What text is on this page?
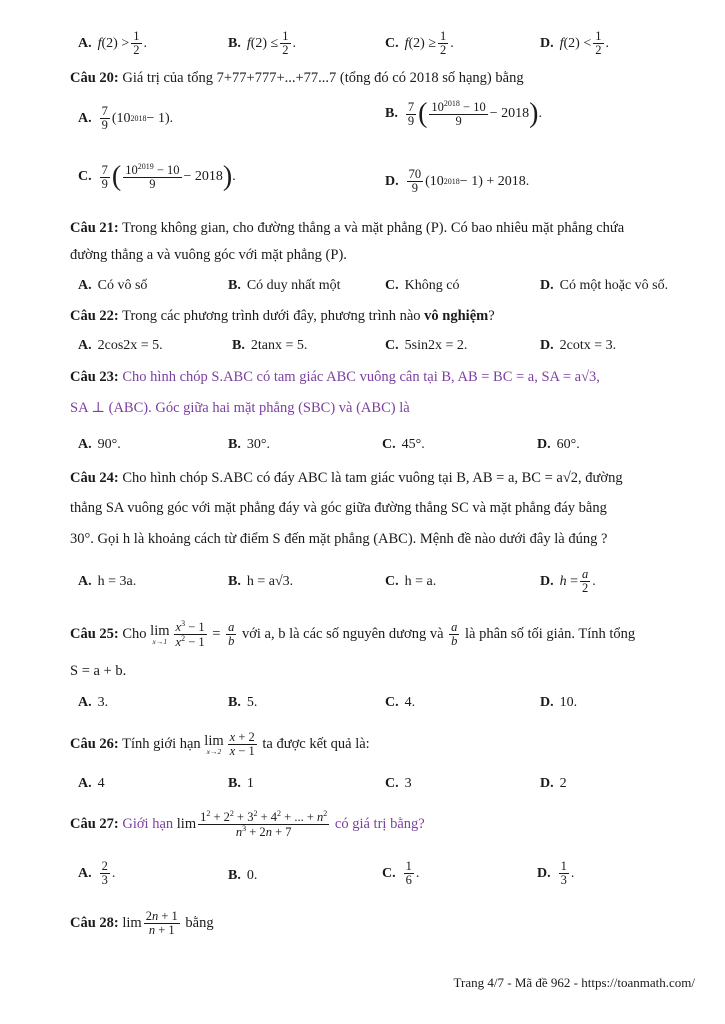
A. f $(2) > \frac{1}{2}$ .	B. f $(2) \le \frac{1}{2}$ .	C. f $(2) \ge \frac{1}{2}$ .	D. f $(2) < \frac{1}{2}$ .
Câu 20: Giá trị của tổng 7+77+777+...+77...7 (tổng đó có 2018 số hạng) bằng
A. $\frac{7}{9} (10$ 2018 − 1).	B. $\frac{7}{9}$ ( $\frac{10^{2018} - 10}{9} - 2018$ ) .
C. $\frac{7}{9}$ ( $\frac{10^{2019} - 10}{9} - 2018$ ) .	D. $\frac{70}{9} (10$ 2018 − 1) + 2018.
Câu 21: Trong không gian, cho đường thẳng a và mặt phẳng (P). Có bao nhiêu mặt phẳng chứa
đường thẳng a và vuông góc với mặt phẳng (P).
A. Có vô số	B. Có duy nhất một	C. Không có	D. Có một hoặc vô số.
Câu 22: Trong các phương trình dưới đây, phương trình nào vô nghiệm?
A. 2cos2x = 5.	B. 2tanx = 5.	C. 5sin2x = 2.	D. 2cotx = 3.
Câu 23: Cho hình chóp S.ABC có tam giác ABC vuông cân tại B, AB = BC = a, SA = a√3,
SA ⊥ (ABC). Góc giữa hai mặt phẳng (SBC) và (ABC) là
A. 90°.	B. 30°.	C. 45°.	D. 60°.
Câu 24: Cho hình chóp S.ABC có đáy ABC là tam giác vuông tại B, AB = a, BC = a√2, đường
thẳng SA vuông góc với mặt phẳng đáy và góc giữa đường thẳng SC và mặt phẳng đáy bằng
30°. Gọi h là khoảng cách từ điểm S đến mặt phẳng (ABC). Mệnh đề nào dưới đây là đúng ?
A. h = 3a.	B. h = a√3.	C. h = a.	D. $h = \frac{a}{2}$ .
Câu 25: Cho lim
$x\to 1 \frac{x^3 - 1}{x^2 - 1} = \frac{a}{b}$ với a, b là các số nguyên dương và $\frac{a}{b}$ là phân số tối giản. Tính tổng
S = a + b.
A. 3.	B. 5.	C. 4.	D. 10.
Câu 26: Tính giới hạn lim
$x\to 2 \frac{x + 2}{x - 1}$ ta được kết quả là:
A. 4	B. 1	C. 3	D. 2
Câu 27: Giới hạn $\lim \frac{1^2 + 2^2 + 3^2 + 4^2 + ... + n^2}{n^3 + 2n + 7}$ có giá trị bằng?
A. $\frac{2}{3}$ .	B. 0.	C. $\frac{1}{6}$ .	D. $\frac{1}{3}$ .
Câu 28: $\lim \frac{2n + 1}{n + 1}$ bằng
Trang 4/7 - Mã đề 962 - https://toanmath.com/
